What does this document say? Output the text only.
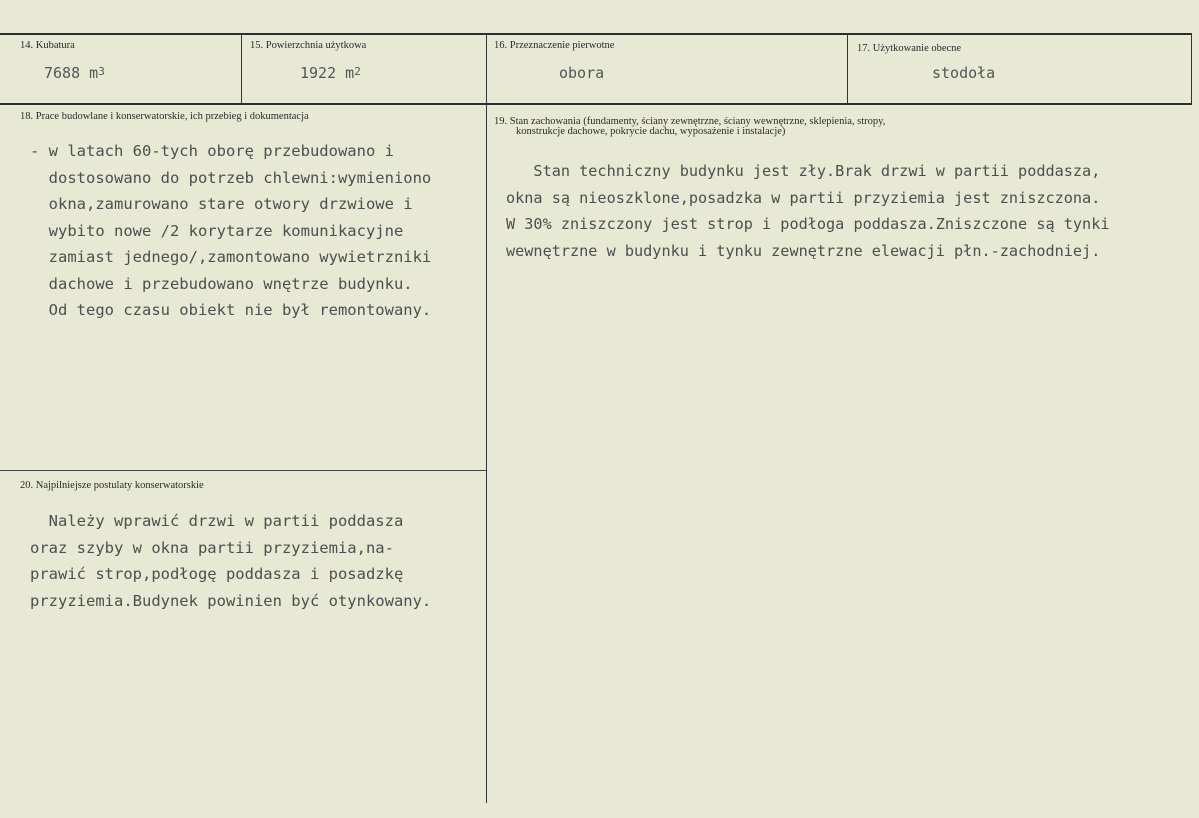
14. Kubatura
7688 $m^3$
15. Powierzchnia użytkowa
1922 $m^2$
16. Przeznaczenie pierwotne
obora
17. Użytkowanie obecne
stodoła
18. Prace budowlane i konserwatorskie, ich przebieg i dokumentacja
- w latach 60-tych oborę przebudowano i
dostosowano do potrzeb chlewni:wymieniono
okna,zamurowano stare otwory drzwiowe i
wybito nowe /2 korytarze komunikacyjne
zamiast jednego/,zamontowano wywietrzniki
dachowe i przebudowano wnętrze budynku.
Od tego czasu obiekt nie był remontowany.
19. Stan zachowania (fundamenty, ściany zewnętrzne, ściany wewnętrzne, sklepienia, stropy,
konstrukcje dachowe, pokrycie dachu, wyposażenie i instalacje)
Stan techniczny budynku jest zły.Brak drzwi w partii poddasza,
okna są nieoszklone,posadzka w partii przyziemia jest zniszczona.
W 30% zniszczony jest strop i podłoga poddasza.Zniszczone są tynki
wewnętrzne w budynku i tynku zewnętrzne elewacji płn.-zachodniej.
20. Najpilniejsze postulaty konserwatorskie
Należy wprawić drzwi w partii poddasza
oraz szyby w okna partii przyziemia,na-
prawić strop,podłogę poddasza i posadzkę
przyziemia.Budynek powinien być otynkowany.
